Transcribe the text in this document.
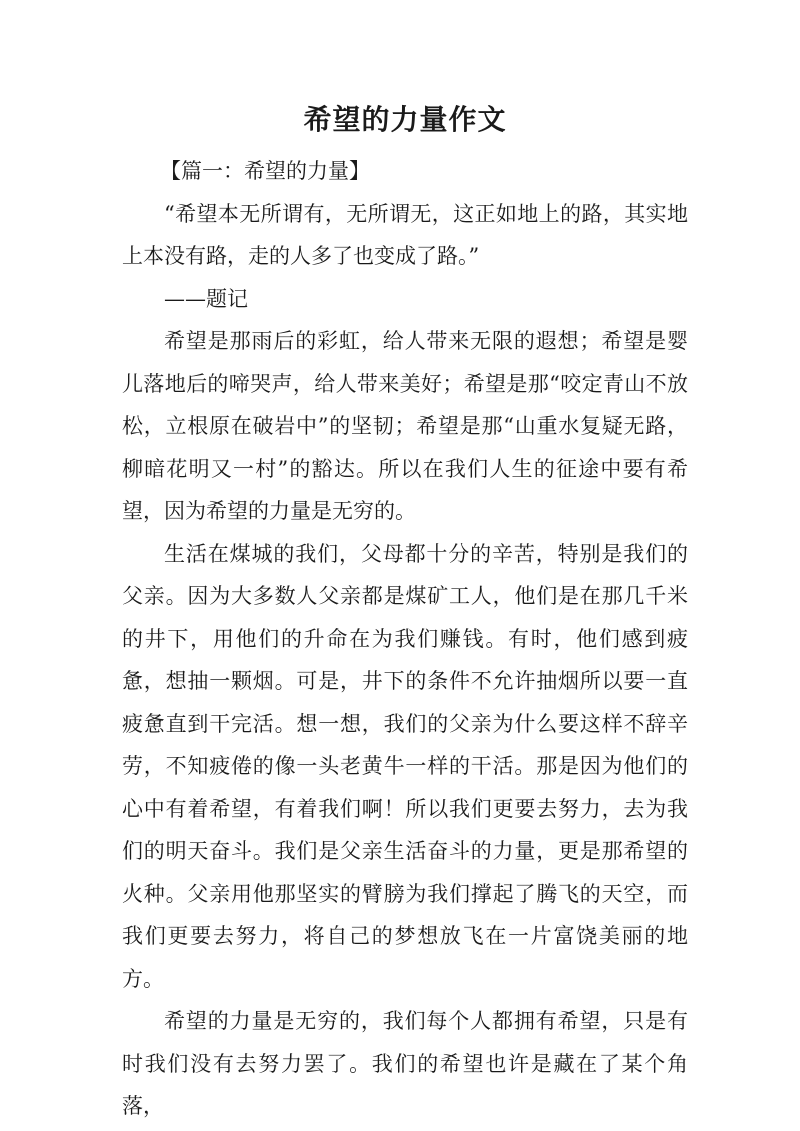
希望的力量作文

【篇一：希望的力量】

“希望本无所谓有，无所谓无，这正如地上的路，其实地上本没有路，走的人多了也变成了路。”

——题记

希望是那雨后的彩虹，给人带来无限的遐想；希望是婴儿落地后的啼哭声，给人带来美好；希望是那“咬定青山不放松，立根原在破岩中”的坚韧；希望是那“山重水复疑无路，柳暗花明又一村”的豁达。所以在我们人生的征途中要有希望，因为希望的力量是无穷的。

生活在煤城的我们，父母都十分的辛苦，特别是我们的父亲。因为大多数人父亲都是煤矿工人，他们是在那几千米的井下，用他们的升命在为我们赚钱。有时，他们感到疲惫，想抽一颗烟。可是，井下的条件不允许抽烟所以要一直疲惫直到干完活。想一想，我们的父亲为什么要这样不辞辛劳，不知疲倦的像一头老黄牛一样的干活。那是因为他们的心中有着希望，有着我们啊！所以我们更要去努力，去为我们的明天奋斗。我们是父亲生活奋斗的力量，更是那希望的火种。父亲用他那坚实的臂膀为我们撑起了腾飞的天空，而我们更要去努力，将自己的梦想放飞在一片富饶美丽的地方。

希望的力量是无穷的，我们每个人都拥有希望，只是有时我们没有去努力罢了。我们的希望也许是藏在了某个角落，
